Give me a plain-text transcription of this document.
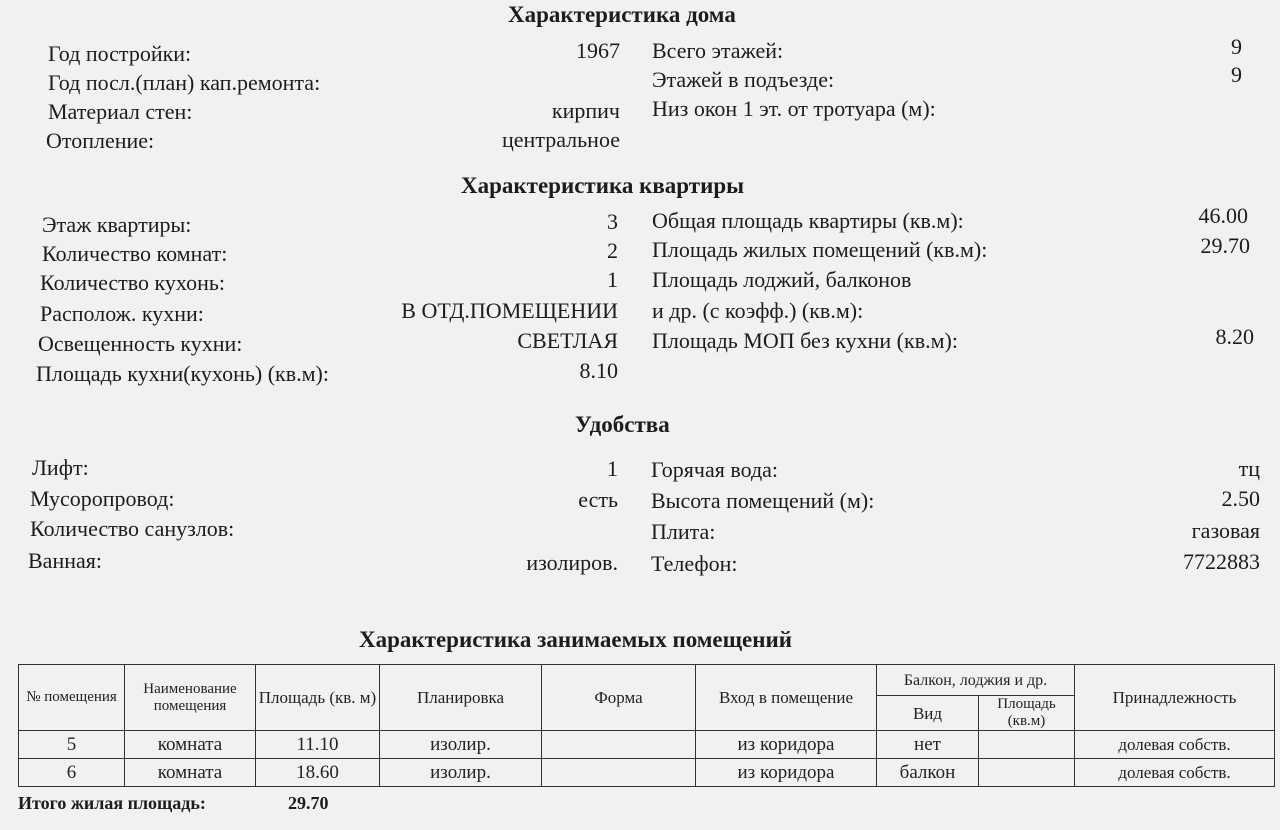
Характеристика дома
Год постройки:	1967
Год посл.(план) кап.ремонта:
Материал стен:	кирпич
Отопление:	центральное
Всего этажей:	9
Этажей в подъезде:	9
Низ окон 1 эт. от тротуара (м):
Характеристика квартиры
Этаж квартиры:	3
Количество комнат:	2
Количество кухонь:	1
Располож. кухни:	В ОТД.ПОМЕЩЕНИИ
Освещенность кухни:	СВЕТЛАЯ
Площадь кухни(кухонь) (кв.м):	8.10
Общая площадь квартиры (кв.м):	46.00
Площадь жилых помещений (кв.м):	29.70
Площадь лоджий, балконов
и др. (с коэфф.) (кв.м):
Площадь МОП без кухни (кв.м):	8.20
Удобства
Лифт:	1
Мусоропровод:	есть
Количество санузлов:
Ванная:	изолиров.
Горячая вода:	тц
Высота помещений (м):	2.50
Плита:	газовая
Телефон:	7722883
Характеристика занимаемых помещений
№ помещения	Наименование помещения	Площадь (кв. м)	Планировка	Форма	Вход в помещение	Балкон, лоджия и др.		Принадлежность
						Вид	Площадь (кв.м)	
5	комната	11.10	изолир.		из коридора	нет		долевая собств.
6	комната	18.60	изолир.		из коридора	балкон		долевая собств.
Итого жилая площадь:	29.70
